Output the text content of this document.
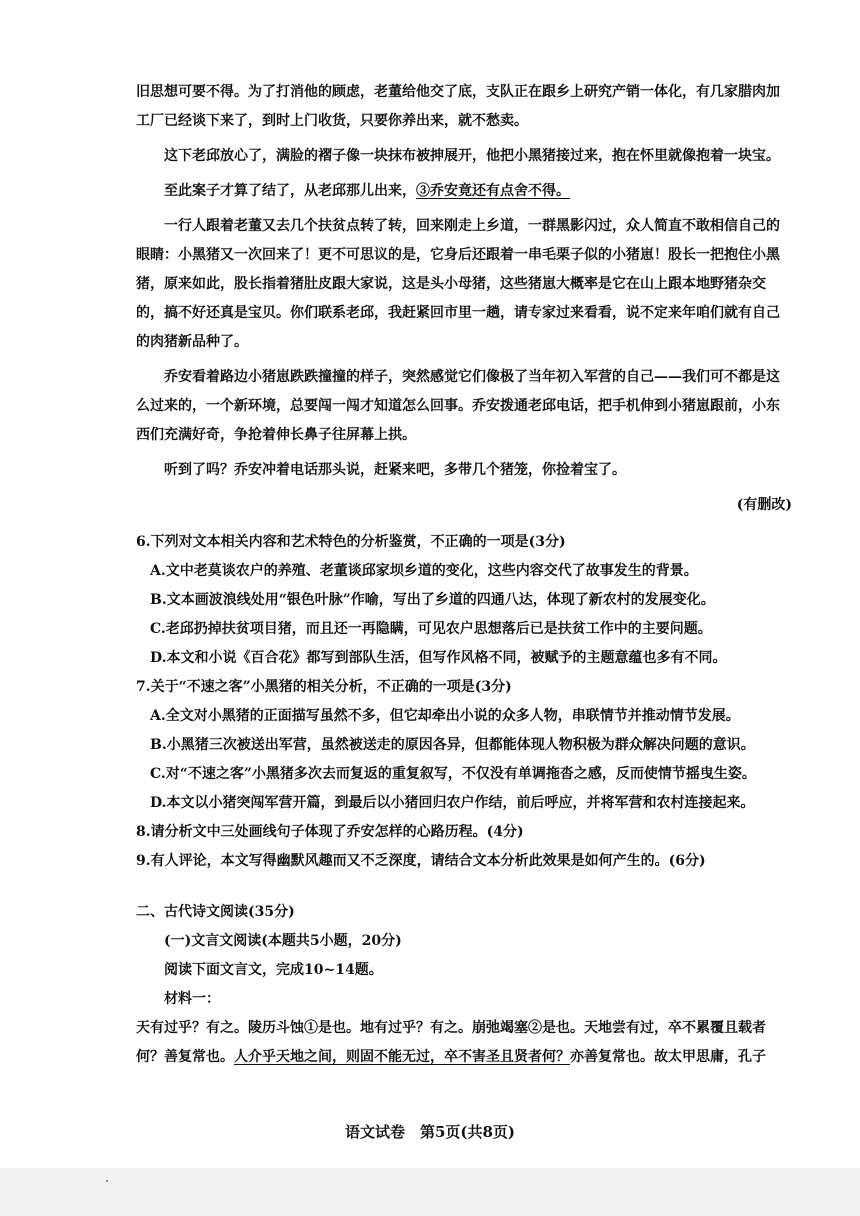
旧思想可要不得。为了打消他的顾虑，老董给他交了底，支队正在跟乡上研究产销一体化，有几家腊肉加工厂已经谈下来了，到时上门收货，只要你养出来，就不愁卖。

这下老邱放心了，满脸的褶子像一块抹布被抻展开，他把小黑猪接过来，抱在怀里就像抱着一块宝。

至此案子才算了结了，从老邱那儿出来，③乔安竟还有点舍不得。

一行人跟着老董又去几个扶贫点转了转，回来刚走上乡道，一群黑影闪过，众人简直不敢相信自己的眼睛：小黑猪又一次回来了！更不可思议的是，它身后还跟着一串毛栗子似的小猪崽！股长一把抱住小黑猪，原来如此，股长指着猪肚皮跟大家说，这是头小母猪，这些猪崽大概率是它在山上跟本地野猪杂交的，搞不好还真是宝贝。你们联系老邱，我赶紧回市里一趟，请专家过来看看，说不定来年咱们就有自己的肉猪新品种了。

乔安看着路边小猪崽跌跌撞撞的样子，突然感觉它们像极了当年初入军营的自己——我们可不都是这么过来的，一个新环境，总要闯一闯才知道怎么回事。乔安拨通老邱电话，把手机伸到小猪崽跟前，小东西们充满好奇，争抢着伸长鼻子往屏幕上拱。

听到了吗？乔安冲着电话那头说，赶紧来吧，多带几个猪笼，你捡着宝了。

(有删改)

6.下列对文本相关内容和艺术特色的分析鉴赏，不正确的一项是(3分)

A.文中老莫谈农户的养殖、老董谈邱家坝乡道的变化，这些内容交代了故事发生的背景。

B.文本画波浪线处用“银色叶脉”作喻，写出了乡道的四通八达，体现了新农村的发展变化。

C.老邱扔掉扶贫项目猪，而且还一再隐瞒，可见农户思想落后已是扶贫工作中的主要问题。

D.本文和小说《百合花》都写到部队生活，但写作风格不同，被赋予的主题意蕴也多有不同。

7.关于“不速之客”小黑猪的相关分析，不正确的一项是(3分)

A.全文对小黑猪的正面描写虽然不多，但它却牵出小说的众多人物，串联情节并推动情节发展。

B.小黑猪三次被送出军营，虽然被送走的原因各异，但都能体现人物积极为群众解决问题的意识。

C.对“不速之客”小黑猪多次去而复返的重复叙写，不仅没有单调拖沓之感，反而使情节摇曳生姿。

D.本文以小猪突闯军营开篇，到最后以小猪回归农户作结，前后呼应，并将军营和农村连接起来。

8.请分析文中三处画线句子体现了乔安怎样的心路历程。(4分)

9.有人评论，本文写得幽默风趣而又不乏深度，请结合文本分析此效果是如何产生的。(6分)

二、古代诗文阅读(35分)

(一)文言文阅读(本题共5小题，20分)

阅读下面文言文，完成10~14题。

材料一：

天有过乎？有之。陵历斗蚀①是也。地有过乎？有之。崩弛竭塞②是也。天地尝有过，卒不累覆且载者何？善复常也。人介乎天地之间，则固不能无过，卒不害圣且贤者何？亦善复常也。故太甲思庸，孔子

语文试卷　第5页(共8页)
